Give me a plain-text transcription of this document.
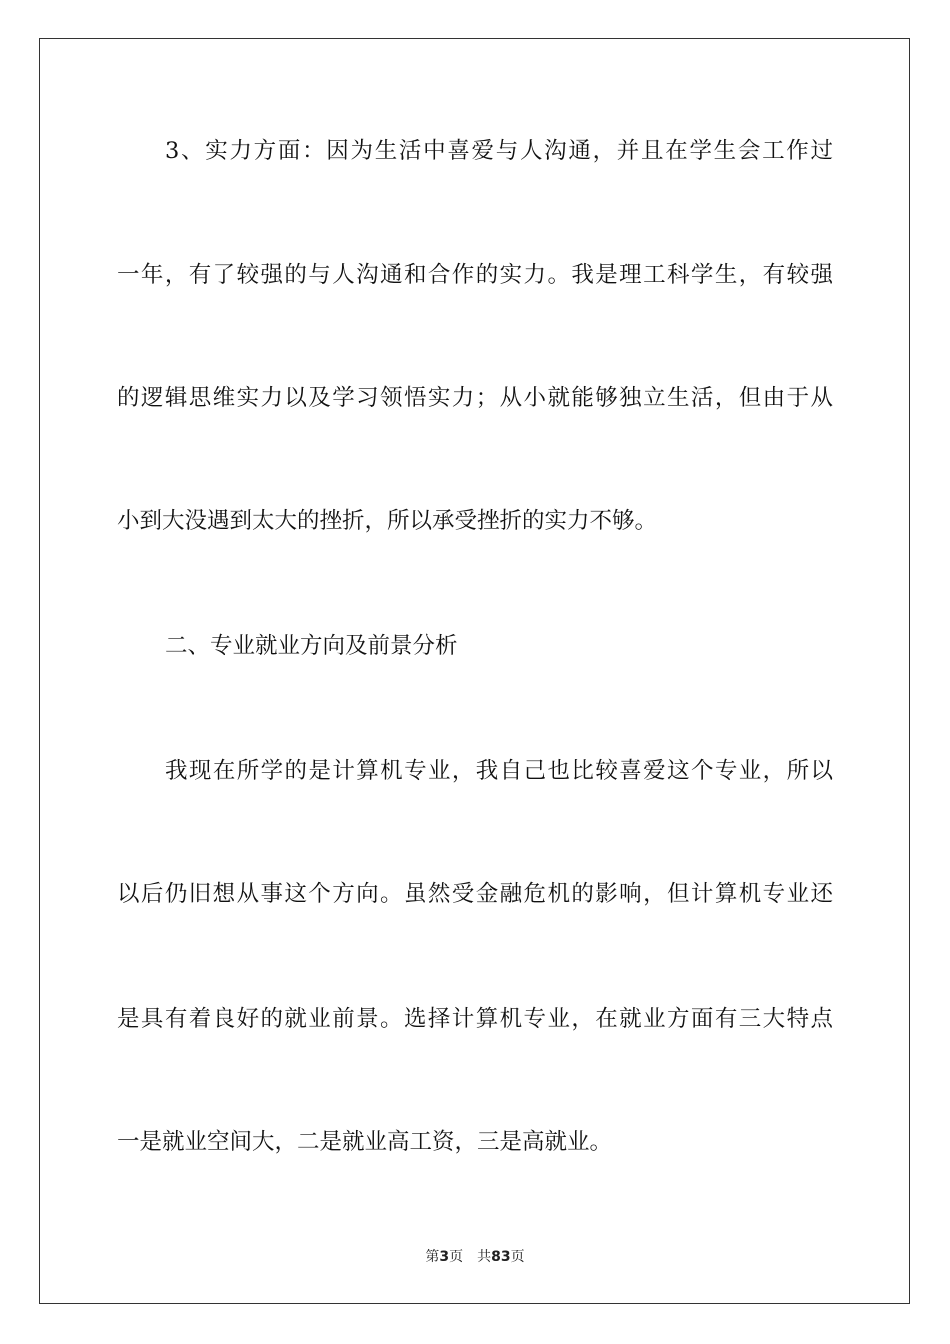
3、实力方面：因为生活中喜爱与人沟通，并且在学生会工作过
一年，有了较强的与人沟通和合作的实力。我是理工科学生，有较强
的逻辑思维实力以及学习领悟实力；从小就能够独立生活，但由于从
小到大没遇到太大的挫折，所以承受挫折的实力不够。
二、专业就业方向及前景分析
我现在所学的是计算机专业，我自己也比较喜爱这个专业，所以
以后仍旧想从事这个方向。虽然受金融危机的影响，但计算机专业还
是具有着良好的就业前景。选择计算机专业，在就业方面有三大特点
一是就业空间大，二是就业高工资，三是高就业。
第3页 共83页
